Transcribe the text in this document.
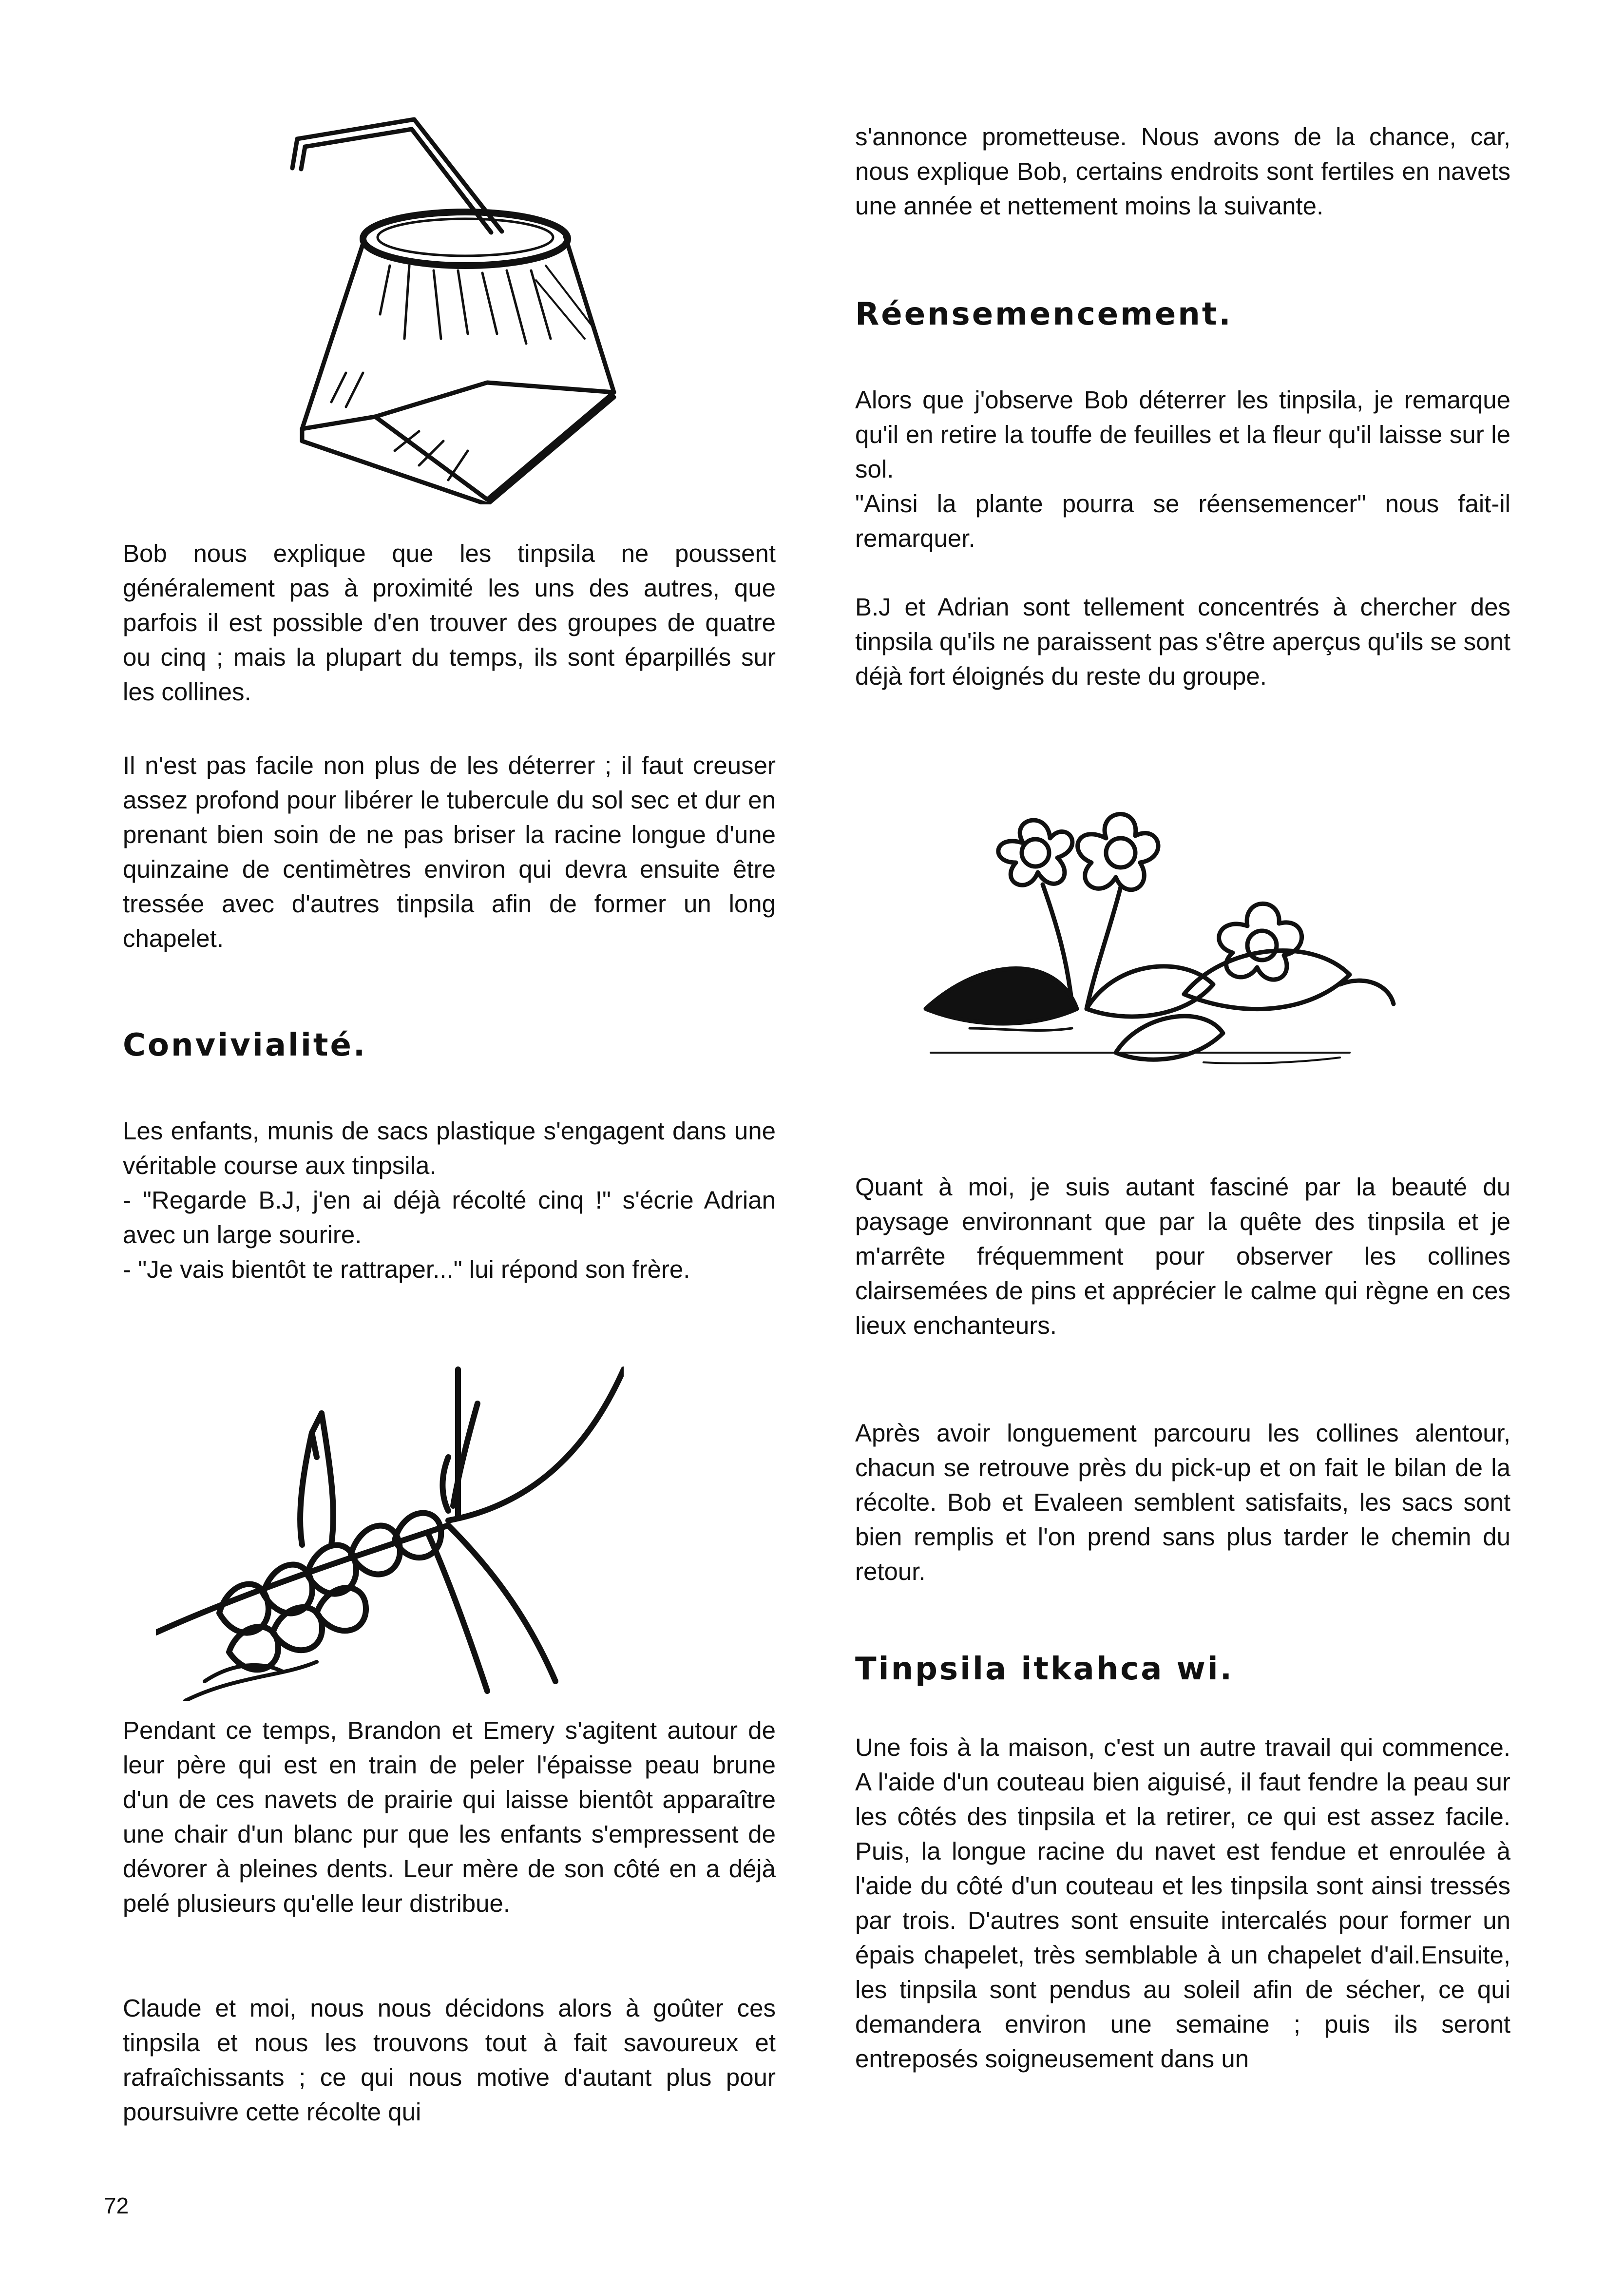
Bob nous explique que les tinpsila ne poussent généralement pas à proximité les uns des autres, que parfois il est possible d'en trouver des groupes de quatre ou cinq ; mais la plupart du temps, ils sont éparpillés sur les collines.

Il n'est pas facile non plus de les déterrer ; il faut creuser assez profond pour libérer le tubercule du sol sec et dur en prenant bien soin de ne pas briser la racine longue d'une quinzaine de centimètres environ qui devra ensuite être tressée avec d'autres tinpsila afin de former un long chapelet.

Convivialité.

Les enfants, munis de sacs plastique s'engagent dans une véritable course aux tinpsila.
- "Regarde B.J, j'en ai déjà récolté cinq !" s'écrie Adrian avec un large sourire.
- "Je vais bientôt te rattraper..." lui répond son frère.

Pendant ce temps, Brandon et Emery s'agitent autour de leur père qui est en train de peler l'épaisse peau brune d'un de ces navets de prairie qui laisse bientôt apparaître une chair d'un blanc pur que les enfants s'empressent de dévorer à pleines dents. Leur mère de son côté en a déjà pelé plusieurs qu'elle leur distribue.

Claude et moi, nous nous décidons alors à goûter ces tinpsila et nous les trouvons tout à fait savoureux et rafraîchissants ; ce qui nous motive d'autant plus pour poursuivre cette récolte qui

s'annonce prometteuse. Nous avons de la chance, car, nous explique Bob, certains endroits sont fertiles en navets une année et nettement moins la suivante.

Réensemencement.

Alors que j'observe Bob déterrer les tinpsila, je remarque qu'il en retire la touffe de feuilles et la fleur qu'il laisse sur le sol.
"Ainsi la plante pourra se réensemencer" nous fait-il remarquer.

B.J et Adrian sont tellement concentrés à chercher des tinpsila qu'ils ne paraissent pas s'être aperçus qu'ils se sont déjà fort éloignés du reste du groupe.

Quant à moi, je suis autant fasciné par la beauté du paysage environnant que par la quête des tinpsila et je m'arrête fréquemment pour observer les collines clairsemées de pins et apprécier le calme qui règne en ces lieux enchanteurs.

Après avoir longuement parcouru les collines alentour, chacun se retrouve près du pick-up et on fait le bilan de la récolte. Bob et Evaleen semblent satisfaits, les sacs sont bien remplis et l'on prend sans plus tarder le chemin du retour.

Tinpsila itkahca wi.

Une fois à la maison, c'est un autre travail qui commence. A l'aide d'un couteau bien aiguisé, il faut fendre la peau sur les côtés des tinpsila et la retirer, ce qui est assez facile. Puis, la longue racine du navet est fendue et enroulée à l'aide du côté d'un couteau et les tinpsila sont ainsi tressés par trois. D'autres sont ensuite intercalés pour former un épais chapelet, très semblable à un chapelet d'ail.Ensuite, les tinpsila sont pendus au soleil afin de sécher, ce qui demandera environ une semaine ; puis ils seront entreposés soigneusement dans un

72
